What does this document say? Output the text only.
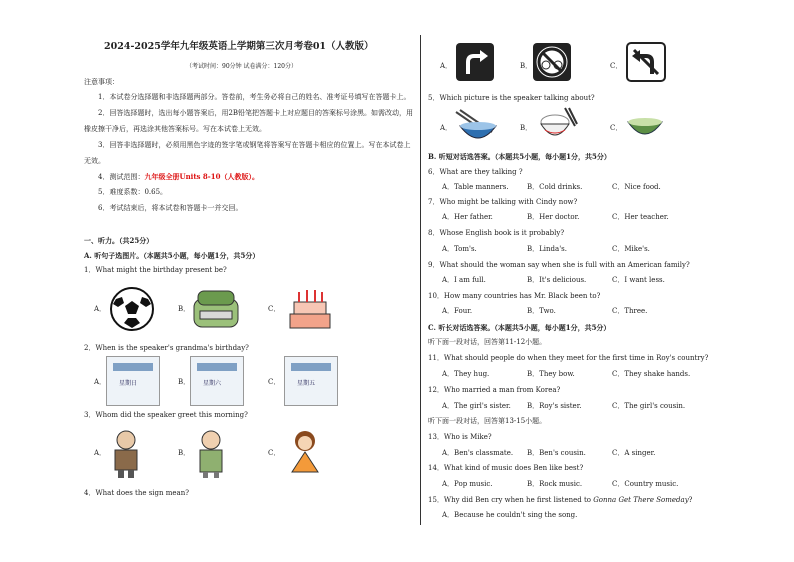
2024-2025学年九年级英语上学期第三次月考卷01（人教版）
（考试时间：90分钟 试卷满分：120分）
注意事项：
1．本试卷分选择题和非选择题两部分。答卷前，考生务必将自己的姓名、准考证号填写在答题卡上。
2．回答选择题时，选出每小题答案后，用2B铅笔把答题卡上对应题目的答案标号涂黑。如需改动，用
橡皮擦干净后，再选涂其他答案标号。写在本试卷上无效。
3．回答非选择题时，必须用黑色字迹的签字笔或钢笔将答案写在答题卡相应的位置上。写在本试卷上
无效。
4．测试范围：九年级全册Units 8-10（人教版）。
5．难度系数：0.65。
6．考试结束后，将本试卷和答题卡一并交回。
一、听力。（共25分）
A. 听句子选图片。（本题共5小题，每小题1分，共5分）
1．What might the birthday present be?
A．	B．	C．
2．When is the speaker's grandma's birthday?
A． 星期日	B． 星期六	C．	星期五
3．Whom did the speaker greet this morning?
A．	B．	C．
4．What does the sign mean?
A．	B．	C．
5．Which picture is the speaker talking about?
A．	B．	C．
B. 听短对话选答案。（本题共5小题，每小题1分，共5分）
6．What are they talking ?
A．Table manners.	B．Cold drinks.	C．Nice food.
7．Who might be talking with Cindy now?
A．Her father.	B．Her doctor.	C．Her teacher.
8．Whose English book is it probably?
A．Tom's.	B．Linda's.	C．Mike's.
9．What should the woman say when she is full with an American family?
A．I am full.	B．It's delicious.	C．I want less.
10．How many countries has Mr. Black been to?
A．Four.	B．Two.	C．Three.
C. 听长对话选答案。（本题共5小题，每小题1分，共5分）
听下面一段对话，回答第11-12小题。
11．What should people do when they meet for the first time in Roy's country?
A．They hug.	B．They bow.	C．They shake hands.
12．Who married a man from Korea?
A．The girl's sister. B．Roy's sister.	C．The girl's cousin.
听下面一段对话，回答第13-15小题。
13．Who is Mike?
A．Ben's classmate. B．Ben's cousin.	C．A singer.
14．What kind of music does Ben like best?
A．Pop music.	B．Rock music.	C．Country music.
15．Why did Ben cry when he first listened to Gonna Get There Someday?
A．Because he couldn't sing the song.
